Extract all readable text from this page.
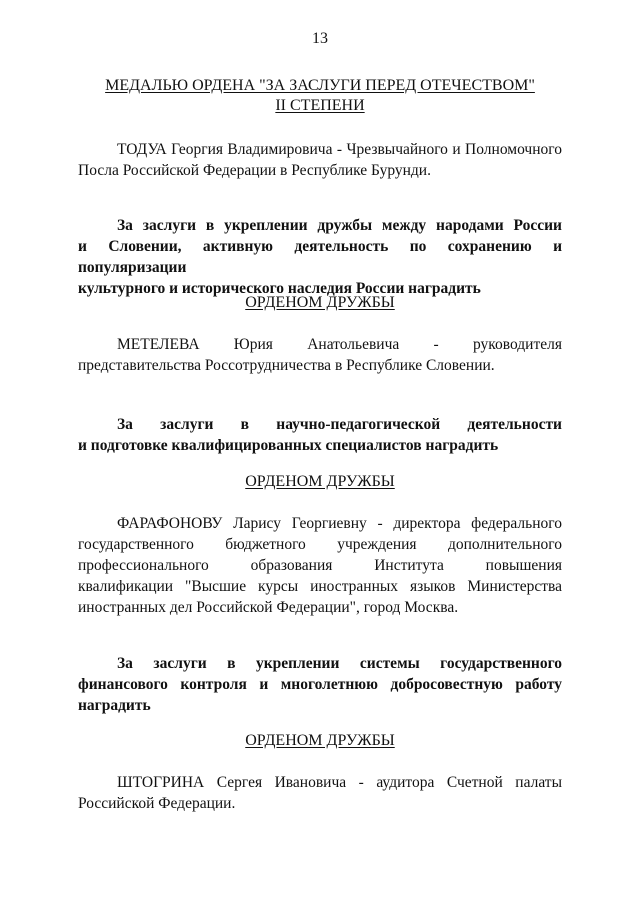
13
МЕДАЛЬЮ ОРДЕНА "ЗА ЗАСЛУГИ ПЕРЕД ОТЕЧЕСТВОМ"
II СТЕПЕНИ
ТОДУА Георгия Владимировича - Чрезвычайного и Полномочного
Посла Российской Федерации в Республике Бурунди.
За заслуги в укреплении дружбы между народами России
и Словении, активную деятельность по сохранению и популяризации
культурного и исторического наследия России наградить
ОРДЕНОМ ДРУЖБЫ
МЕТЕЛЕВА Юрия Анатольевича - руководителя
представительства Россотрудничества в Республике Словении.
За заслуги в научно-педагогической деятельности
и подготовке квалифицированных специалистов наградить
ОРДЕНОМ ДРУЖБЫ
ФАРАФОНОВУ Ларису Георгиевну - директора федерального
государственного бюджетного учреждения дополнительного
профессионального образования Института повышения
квалификации "Высшие курсы иностранных языков Министерства
иностранных дел Российской Федерации", город Москва.
За заслуги в укреплении системы государственного
финансового контроля и многолетнюю добросовестную работу
наградить
ОРДЕНОМ ДРУЖБЫ
ШТОГРИНА Сергея Ивановича - аудитора Счетной палаты
Российской Федерации.
